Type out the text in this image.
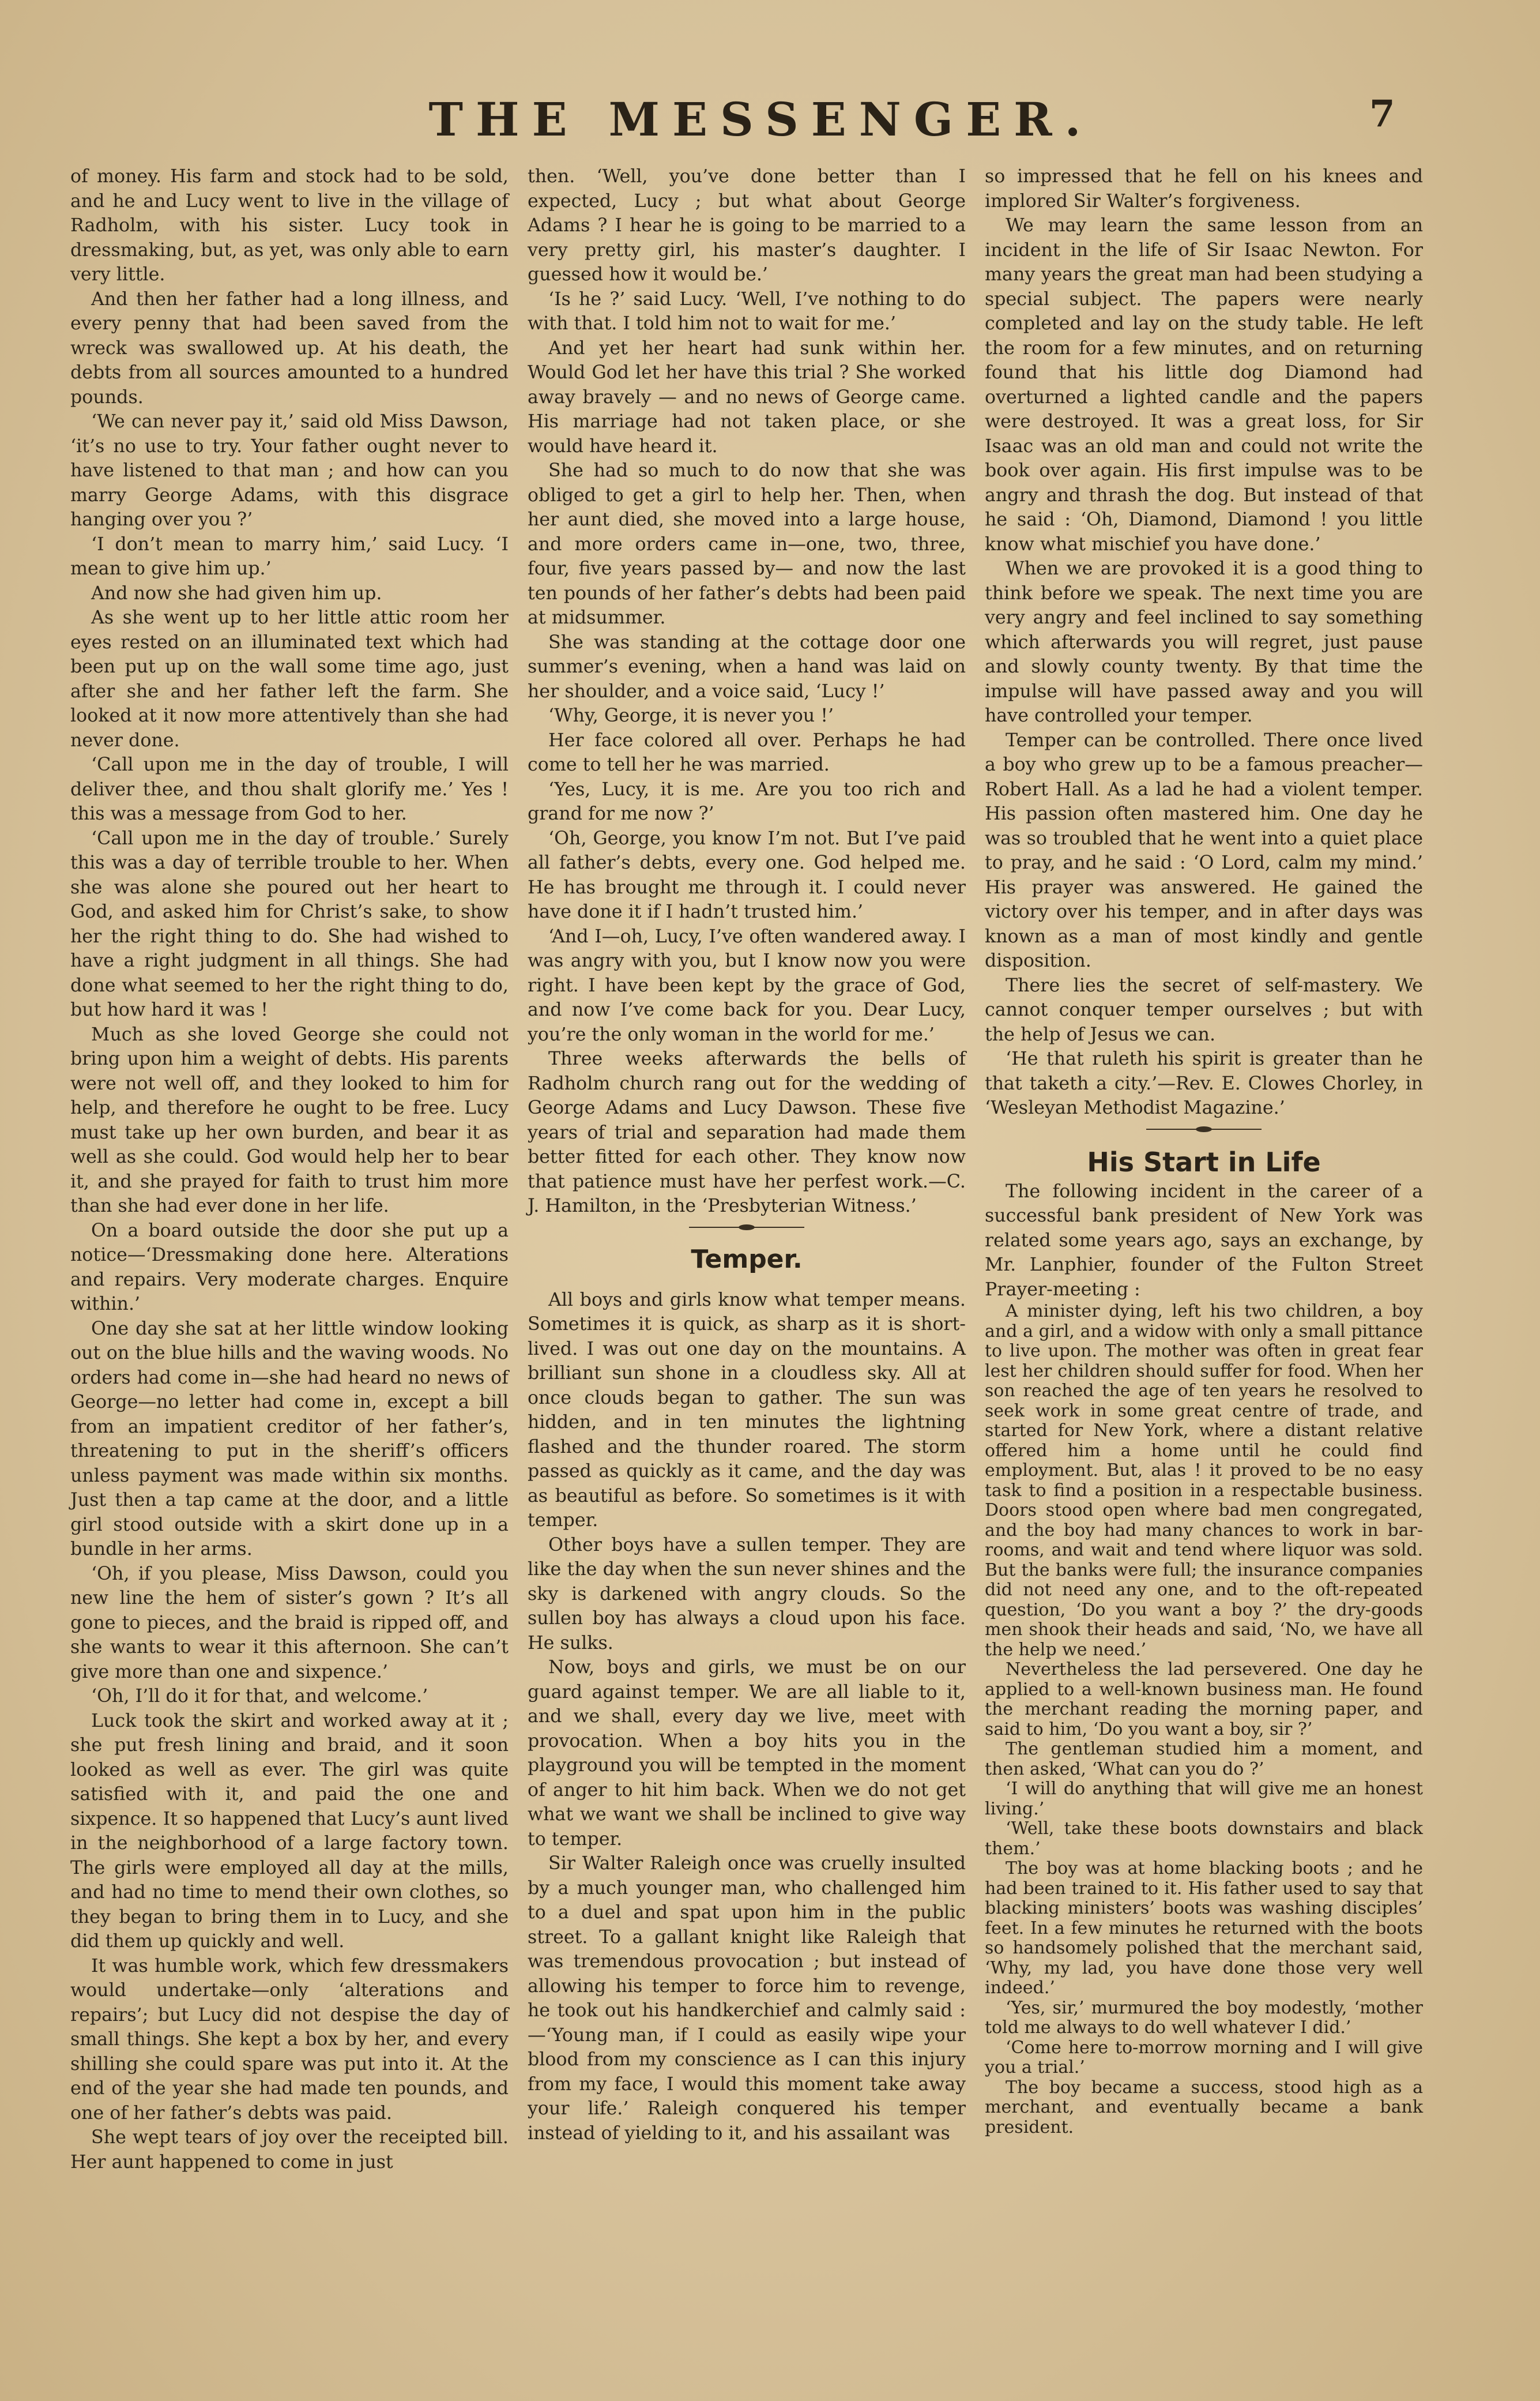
THE MESSENGER.	7

of money. His farm and stock had to be sold, and he and Lucy went to live in the village of Radholm, with his sister. Lucy took in dressmaking, but, as yet, was only able to earn very little.

And then her father had a long illness, and every penny that had been saved from the wreck was swallowed up. At his death, the debts from all sources amounted to a hundred pounds.

‘We can never pay it,’ said old Miss Dawson, ‘it’s no use to try. Your father ought never to have listened to that man ; and how can you marry George Adams, with this disgrace hanging over you ?’

‘I don’t mean to marry him,’ said Lucy. ‘I mean to give him up.’

And now she had given him up.

As she went up to her little attic room her eyes rested on an illuminated text which had been put up on the wall some time ago, just after she and her father left the farm. She looked at it now more attentively than she had never done.

‘Call upon me in the day of trouble, I will deliver thee, and thou shalt glorify me.’ Yes ! this was a message from God to her.

‘Call upon me in the day of trouble.’ Surely this was a day of terrible trouble to her. When she was alone she poured out her heart to God, and asked him for Christ’s sake, to show her the right thing to do. She had wished to have a right judgment in all things. She had done what seemed to her the right thing to do, but how hard it was !

Much as she loved George she could not bring upon him a weight of debts. His parents were not well off, and they looked to him for help, and therefore he ought to be free. Lucy must take up her own burden, and bear it as well as she could. God would help her to bear it, and she prayed for faith to trust him more than she had ever done in her life.

On a board outside the door she put up a notice—‘Dressmaking done here. Alterations and repairs. Very moderate charges. Enquire within.’

One day she sat at her little window looking out on the blue hills and the waving woods. No orders had come in—she had heard no news of George—no letter had come in, except a bill from an impatient creditor of her father’s, threatening to put in the sheriff’s officers unless payment was made within six months. Just then a tap came at the door, and a little girl stood outside with a skirt done up in a bundle in her arms.

‘Oh, if you please, Miss Dawson, could you new line the hem of sister’s gown ? It’s all gone to pieces, and the braid is ripped off, and she wants to wear it this afternoon. She can’t give more than one and sixpence.’

‘Oh, I’ll do it for that, and welcome.’

Luck took the skirt and worked away at it ; she put fresh lining and braid, and it soon looked as well as ever. The girl was quite satisfied with it, and paid the one and sixpence. It so happened that Lucy’s aunt lived in the neighborhood of a large factory town. The girls were employed all day at the mills, and had no time to mend their own clothes, so they began to bring them in to Lucy, and she did them up quickly and well.

It was humble work, which few dressmakers would undertake—only ‘alterations and repairs’; but Lucy did not despise the day of small things. She kept a box by her, and every shilling she could spare was put into it. At the end of the year she had made ten pounds, and one of her father’s debts was paid.

She wept tears of joy over the receipted bill. Her aunt happened to come in just

then. ‘Well, you’ve done better than I expected, Lucy ; but what about George Adams ? I hear he is going to be married to a very pretty girl, his master’s daughter. I guessed how it would be.’

‘Is he ?’ said Lucy. ‘Well, I’ve nothing to do with that. I told him not to wait for me.’

And yet her heart had sunk within her. Would God let her have this trial ? She worked away bravely — and no news of George came. His marriage had not taken place, or she would have heard it.

She had so much to do now that she was obliged to get a girl to help her. Then, when her aunt died, she moved into a large house, and more orders came in—one, two, three, four, five years passed by— and now the last ten pounds of her father’s debts had been paid at midsummer.

She was standing at the cottage door one summer’s evening, when a hand was laid on her shoulder, and a voice said, ‘Lucy !’

‘Why, George, it is never you !’

Her face colored all over. Perhaps he had come to tell her he was married.

‘Yes, Lucy, it is me. Are you too rich and grand for me now ?’

‘Oh, George, you know I’m not. But I’ve paid all father’s debts, every one. God helped me. He has brought me through it. I could never have done it if I hadn’t trusted him.’

‘And I—oh, Lucy, I’ve often wandered away. I was angry with you, but I know now you were right. I have been kept by the grace of God, and now I’ve come back for you. Dear Lucy, you’re the only woman in the world for me.’

Three weeks afterwards the bells of Radholm church rang out for the wedding of George Adams and Lucy Dawson. These five years of trial and separation had made them better fitted for each other. They know now that patience must have her perfest work.—C. J. Hamilton, in the ‘Presbyterian Witness.’

Temper.

All boys and girls know what temper means. Sometimes it is quick, as sharp as it is short-lived. I was out one day on the mountains. A brilliant sun shone in a cloudless sky. All at once clouds began to gather. The sun was hidden, and in ten minutes the lightning flashed and the thunder roared. The storm passed as quickly as it came, and the day was as beautiful as before. So sometimes is it with temper.

Other boys have a sullen temper. They are like the day when the sun never shines and the sky is darkened with angry clouds. So the sullen boy has always a cloud upon his face. He sulks.

Now, boys and girls, we must be on our guard against temper. We are all liable to it, and we shall, every day we live, meet with provocation. When a boy hits you in the playground you will be tempted in the moment of anger to hit him back. When we do not get what we want we shall be inclined to give way to temper.

Sir Walter Raleigh once was cruelly insulted by a much younger man, who challenged him to a duel and spat upon him in the public street. To a gallant knight like Raleigh that was tremendous provocation ; but instead of allowing his temper to force him to revenge, he took out his handkerchief and calmly said :—‘Young man, if I could as easily wipe your blood from my conscience as I can this injury from my face, I would this moment take away your life.’ Raleigh conquered his temper instead of yielding to it, and his assailant was

so impressed that he fell on his knees and implored Sir Walter’s forgiveness.

We may learn the same lesson from an incident in the life of Sir Isaac Newton. For many years the great man had been studying a special subject. The papers were nearly completed and lay on the study table. He left the room for a few minutes, and on returning found that his little dog Diamond had overturned a lighted candle and the papers were destroyed. It was a great loss, for Sir Isaac was an old man and could not write the book over again. His first impulse was to be angry and thrash the dog. But instead of that he said : ‘Oh, Diamond, Diamond ! you little know what mischief you have done.’

When we are provoked it is a good thing to think before we speak. The next time you are very angry and feel inclined to say something which afterwards you will regret, just pause and slowly county twenty. By that time the impulse will have passed away and you will have controlled your temper.

Temper can be controlled. There once lived a boy who grew up to be a famous preacher—Robert Hall. As a lad he had a violent temper. His passion often mastered him. One day he was so troubled that he went into a quiet place to pray, and he said : ‘O Lord, calm my mind.’ His prayer was answered. He gained the victory over his temper, and in after days was known as a man of most kindly and gentle disposition.

There lies the secret of self-mastery. We cannot conquer temper ourselves ; but with the help of Jesus we can.

‘He that ruleth his spirit is greater than he that taketh a city.’—Rev. E. Clowes Chorley, in ‘Wesleyan Methodist Magazine.’

His Start in Life

The following incident in the career of a successful bank president of New York was related some years ago, says an exchange, by Mr. Lanphier, founder of the Fulton Street Prayer-meeting :

A minister dying, left his two children, a boy and a girl, and a widow with only a small pittance to live upon. The mother was often in great fear lest her children should suffer for food. When her son reached the age of ten years he resolved to seek work in some great centre of trade, and started for New York, where a distant relative offered him a home until he could find employment. But, alas ! it proved to be no easy task to find a position in a respectable business. Doors stood open where bad men congregated, and the boy had many chances to work in bar-rooms, and wait and tend where liquor was sold. But the banks were full; the insurance companies did not need any one, and to the oft-repeated question, ‘Do you want a boy ?’ the dry-goods men shook their heads and said, ‘No, we have all the help we need.’

Nevertheless the lad persevered. One day he applied to a well-known business man. He found the merchant reading the morning paper, and said to him, ‘Do you want a boy, sir ?’

The gentleman studied him a moment, and then asked, ‘What can you do ?’

‘I will do anything that will give me an honest living.’

‘Well, take these boots downstairs and black them.’

The boy was at home blacking boots ; and he had been trained to it. His father used to say that blacking ministers’ boots was washing disciples’ feet. In a few minutes he returned with the boots so handsomely polished that the merchant said, ‘Why, my lad, you have done those very well indeed.’

‘Yes, sir,’ murmured the boy modestly, ‘mother told me always to do well whatever I did.’

‘Come here to-morrow morning and I will give you a trial.’

The boy became a success, stood high as a merchant, and eventually became a bank president.
